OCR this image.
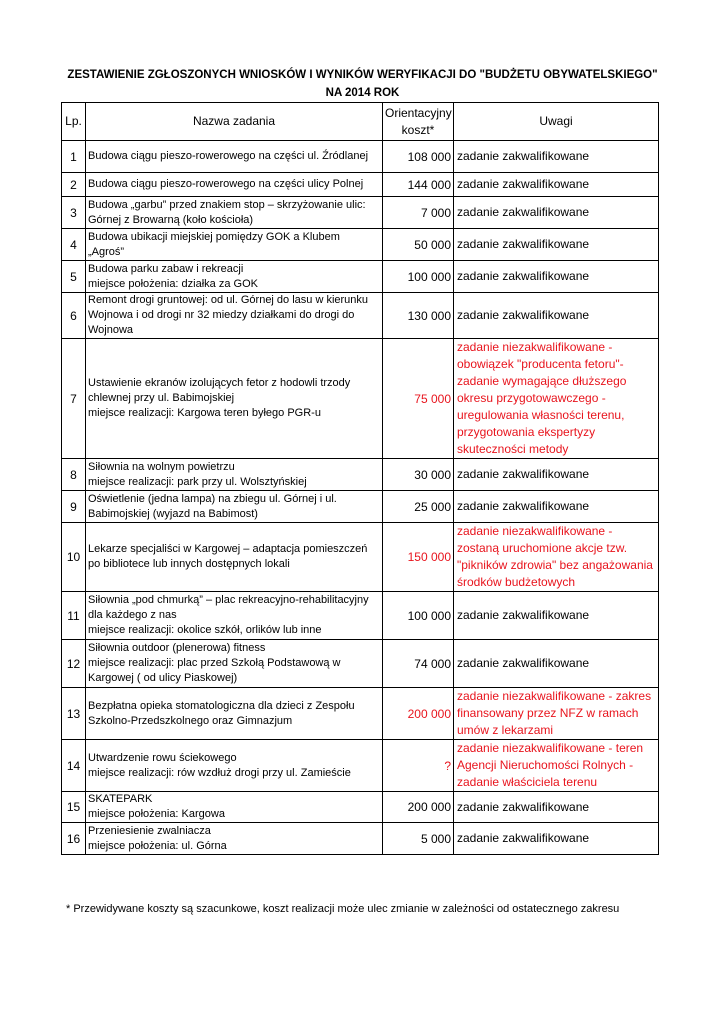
ZESTAWIENIE ZGŁOSZONYCH WNIOSKÓW I WYNIKÓW WERYFIKACJI DO "BUDŻETU OBYWATELSKIEGO" NA 2014 ROK
Lp.	Nazwa zadania	Orientacyjny koszt*	Uwagi
1	Budowa ciągu pieszo-rowerowego na części ul. Źródlanej	108 000	zadanie zakwalifikowane
2	Budowa ciągu pieszo-rowerowego na części ulicy Polnej	144 000	zadanie zakwalifikowane
3	Budowa „garbu” przed znakiem stop – skrzyżowanie ulic:
Górnej z Browarną (koło kościoła)	7 000	zadanie zakwalifikowane
4	Budowa ubikacji miejskiej pomiędzy GOK a Klubem
„Agroś”	50 000	zadanie zakwalifikowane
5	Budowa parku zabaw i rekreacji
miejsce położenia: działka za GOK	100 000	zadanie zakwalifikowane
6	Remont drogi gruntowej: od ul. Górnej do lasu w kierunku
Wojnowa i od drogi nr 32 miedzy działkami do drogi do
Wojnowa	130 000	zadanie zakwalifikowane
7	Ustawienie ekranów izolujących fetor z hodowli trzody
chlewnej przy ul. Babimojskiej
miejsce realizacji: Kargowa teren byłego PGR-u	75 000	zadanie niezakwalifikowane - obowiązek "producenta fetoru"- zadanie wymagające dłuższego okresu przygotowawczego - uregulowania własności terenu, przygotowania ekspertyzy skuteczności metody
8	Siłownia na wolnym powietrzu
miejsce realizacji: park przy ul. Wolsztyńskiej	30 000	zadanie zakwalifikowane
9	Oświetlenie (jedna lampa) na zbiegu ul. Górnej i ul.
Babimojskiej (wyjazd na Babimost)	25 000	zadanie zakwalifikowane
10	Lekarze specjaliści w Kargowej – adaptacja pomieszczeń
po bibliotece lub innych dostępnych lokali	150 000	zadanie niezakwalifikowane - zostaną uruchomione akcje tzw. "pikników zdrowia" bez angażowania środków budżetowych
11	Siłownia „pod chmurką” – plac rekreacyjno-rehabilitacyjny
dla każdego z nas
miejsce realizacji: okolice szkół, orlików lub inne	100 000	zadanie zakwalifikowane
12	Siłownia outdoor (plenerowa) fitness
miejsce realizacji: plac przed Szkołą Podstawową w
Kargowej ( od ulicy Piaskowej)	74 000	zadanie zakwalifikowane
13	Bezpłatna opieka stomatologiczna dla dzieci z Zespołu
Szkolno-Przedszkolnego oraz Gimnazjum	200 000	zadanie niezakwalifikowane - zakres finansowany przez NFZ w ramach umów z lekarzami
14	Utwardzenie rowu ściekowego
miejsce realizacji: rów wzdłuż drogi przy ul. Zamieście	?	zadanie niezakwalifikowane - teren Agencji Nieruchomości Rolnych - zadanie właściciela terenu
15	SKATEPARK
miejsce położenia: Kargowa	200 000	zadanie zakwalifikowane
16	Przeniesienie zwalniacza
miejsce położenia: ul. Górna	5 000	zadanie zakwalifikowane
* Przewidywane koszty są szacunkowe, koszt realizacji może ulec zmianie w zależności od ostatecznego zakresu
